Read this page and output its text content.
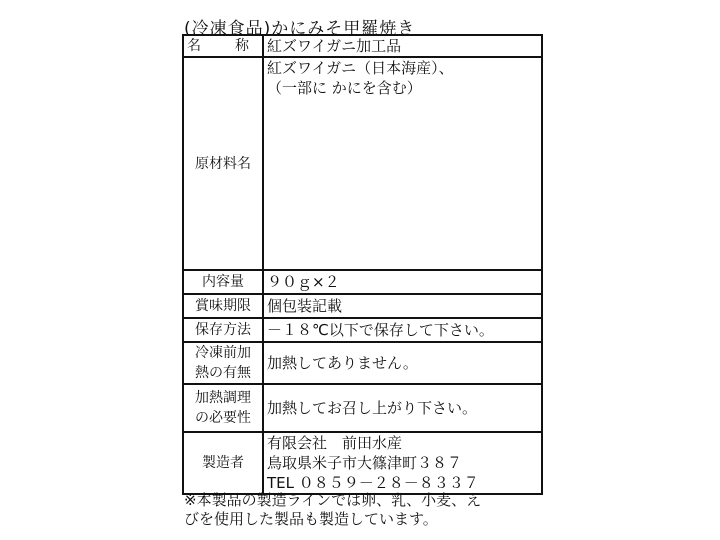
(冷凍食品)かにみそ甲羅焼き
名　称	紅ズワイガニ加工品
原材料名	紅ズワイガニ（日本海産）、
（一部に かにを含む）

内容量	９０ｇ×２
賞味期限	個包装記載
保存方法	－１８℃以下で保存して下さい。

冷凍前加
熱の有無	加熱してありません。

加熱調理
の必要性	加熱してお召し上がり下さい。
製造者	有限会社　前田水産
鳥取県米子市大篠津町３８７
TEL ０８５９－２８－８３３７
※本製品の製造ラインでは卵、乳、小麦、え
びを使用した製品も製造しています。
